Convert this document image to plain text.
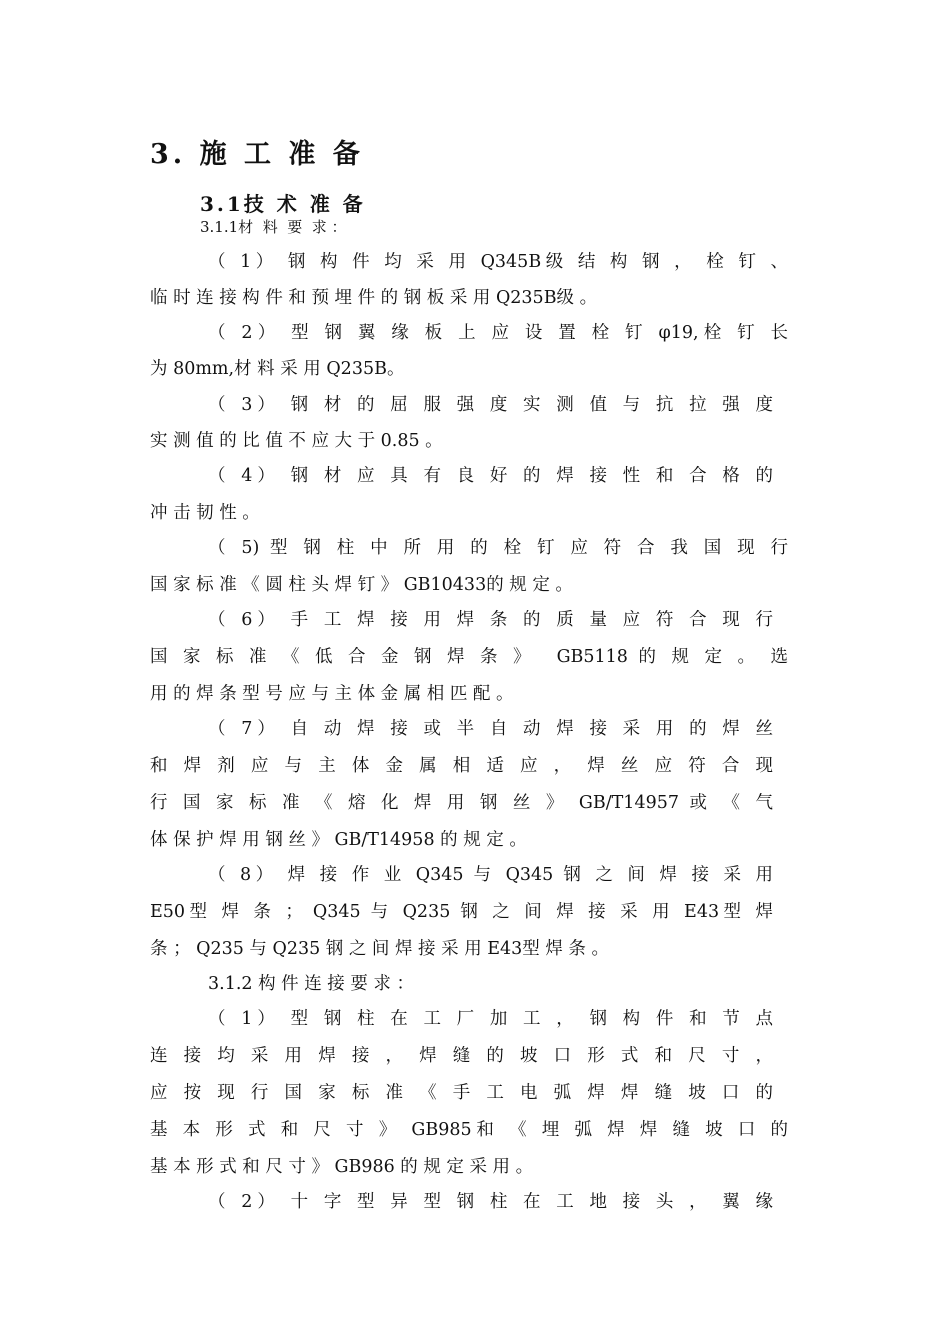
3. 施 工 准 备
3.1技 术 准 备
3.1.1材  料  要  求 ：
（ 1） 钢 构 件 均 采 用 Q345B级 结 构 钢 ， 栓 钉 、
临 时 连 接 构 件 和 预 埋 件 的 钢 板 采 用 Q235B级 。
（ 2） 型 钢 翼 缘 板 上 应 设 置 栓 钉 φ19,栓 钉 长
为 80mm,材 料 采 用 Q235B。
（ 3） 钢 材 的 屈 服 强 度 实 测 值 与 抗 拉 强 度
实 测 值 的 比 值 不 应 大 于 0.85 。
（ 4） 钢 材 应 具 有 良 好 的 焊 接 性 和 合 格 的
冲 击 韧 性 。
（ 5) 型 钢 柱 中 所 用 的 栓 钉 应 符 合 我 国 现 行
国 家 标 准 《 圆 柱 头 焊 钉 》 GB10433的 规 定 。
（ 6） 手 工 焊 接 用 焊 条 的 质 量 应 符 合 现 行
国 家 标 准 《 低 合 金 钢 焊 条 》  GB5118 的 规 定 。 选
用 的 焊 条 型 号 应 与 主 体 金 属 相 匹 配 。
（ 7） 自 动 焊 接 或 半 自 动 焊 接 采 用 的 焊 丝
和 焊 剂 应 与 主 体 金 属 相 适 应 ， 焊 丝 应 符 合 现
行 国 家 标 准 《 熔 化 焊 用 钢 丝 》 GB/T14957 或 《 气
体 保 护 焊 用 钢 丝 》 GB/T14958 的 规 定 。
（ 8） 焊 接 作 业 Q345 与 Q345 钢 之 间 焊 接 采 用
E50型 焊 条 ； Q345 与 Q235 钢 之 间 焊 接 采 用 E43型 焊
条 ； Q235 与 Q235 钢 之 间 焊 接 采 用 E43型 焊 条 。
3.1.2 构 件 连 接 要 求 ：
（ 1） 型 钢 柱 在 工 厂 加 工 ， 钢 构 件 和 节 点
连 接 均 采 用 焊 接 ， 焊 缝 的 坡 口 形 式 和 尺 寸 ，
应 按 现 行 国 家 标 准 《 手 工 电 弧 焊 焊 缝 坡 口 的
基 本 形 式 和 尺 寸 》 GB985和 《 埋 弧 焊 焊 缝 坡 口 的
基 本 形 式 和 尺 寸 》 GB986 的 规 定 采 用 。
（ 2） 十 字 型 异 型 钢 柱 在 工 地 接 头 ， 翼 缘
